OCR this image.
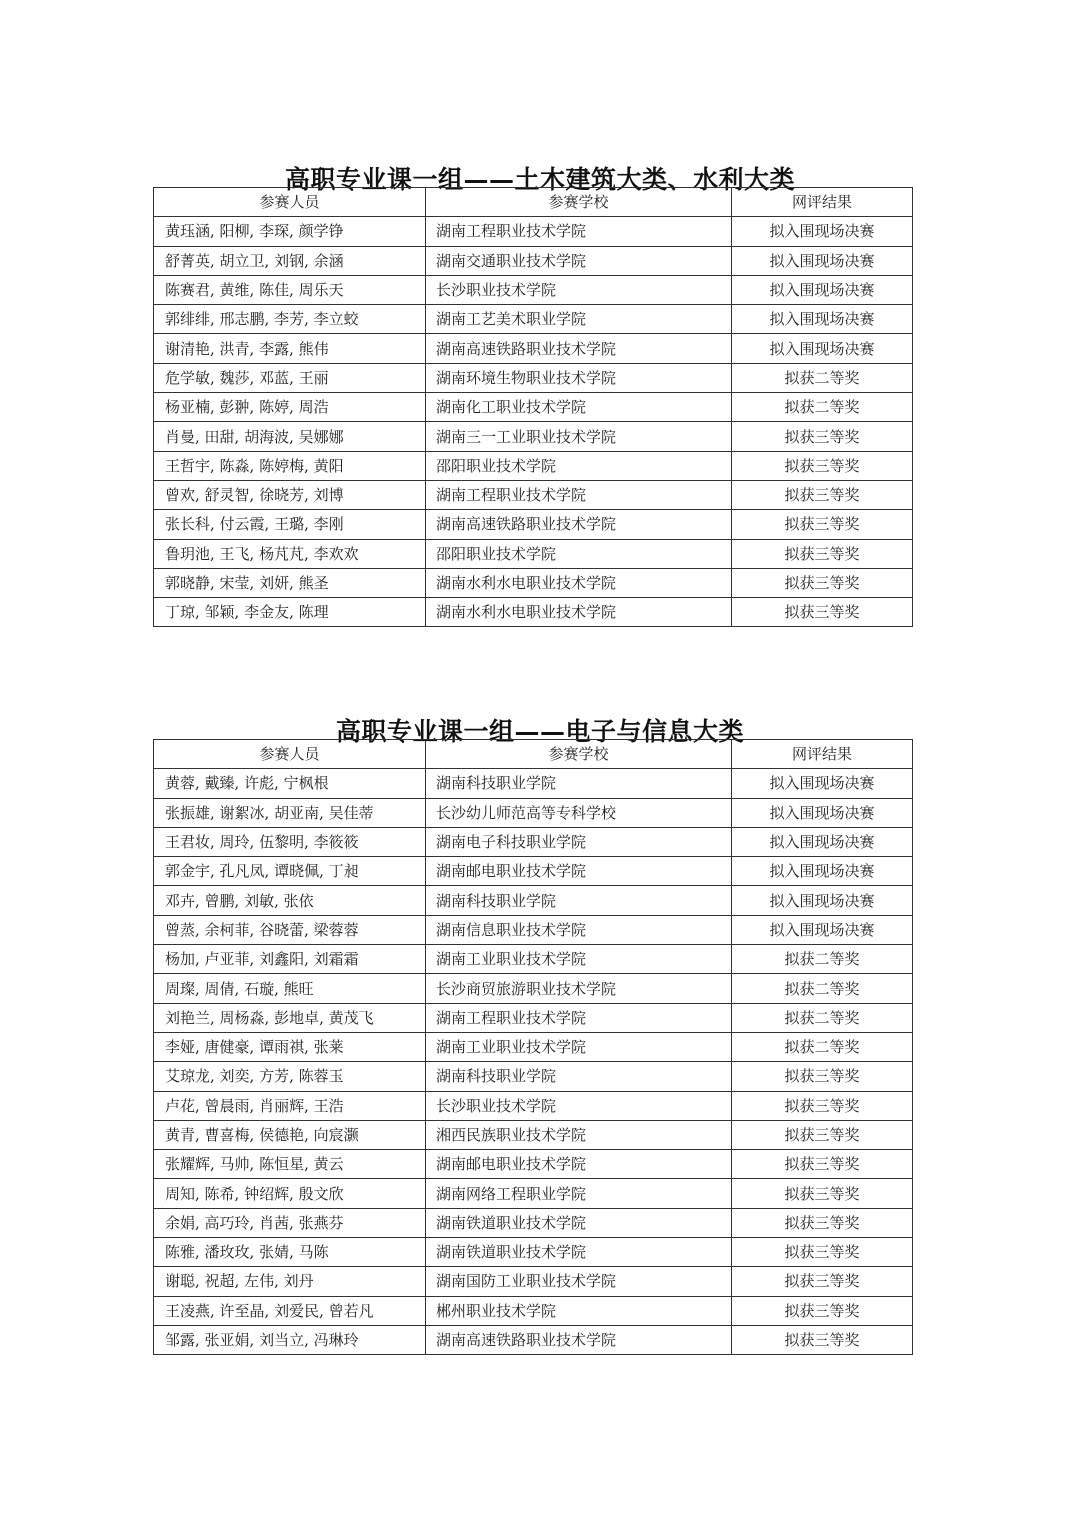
高职专业课一组——土木建筑大类、水利大类
参赛人员	参赛学校	网评结果
黄珏涵, 阳柳, 李琛, 颜学铮	湖南工程职业技术学院	拟入围现场决赛
舒菁英, 胡立卫, 刘钢, 余涵	湖南交通职业技术学院	拟入围现场决赛
陈赛君, 黄维, 陈佳, 周乐天	长沙职业技术学院	拟入围现场决赛
郭绯绯, 邢志鹏, 李芳, 李立蛟	湖南工艺美术职业学院	拟入围现场决赛
谢清艳, 洪青, 李露, 熊伟	湖南高速铁路职业技术学院	拟入围现场决赛
危学敏, 魏莎, 邓蓝, 王丽	湖南环境生物职业技术学院	拟获二等奖
杨亚楠, 彭翀, 陈婷, 周浩	湖南化工职业技术学院	拟获二等奖
肖曼, 田甜, 胡海波, 吴娜娜	湖南三一工业职业技术学院	拟获三等奖
王哲宇, 陈淼, 陈婷梅, 黄阳	邵阳职业技术学院	拟获三等奖
曾欢, 舒灵智, 徐晓芳, 刘博	湖南工程职业技术学院	拟获三等奖
张长科, 付云霞, 王璐, 李刚	湖南高速铁路职业技术学院	拟获三等奖
鲁玥池, 王飞, 杨芃芃, 李欢欢	邵阳职业技术学院	拟获三等奖
郭晓静, 宋莹, 刘妍, 熊圣	湖南水利水电职业技术学院	拟获三等奖
丁琼, 邹颖, 李金友, 陈理	湖南水利水电职业技术学院	拟获三等奖
高职专业课一组——电子与信息大类
参赛人员	参赛学校	网评结果
黄蓉, 戴臻, 许彪, 宁枫根	湖南科技职业学院	拟入围现场决赛
张振雄, 谢絮冰, 胡亚南, 吴佳蒂	长沙幼儿师范高等专科学校	拟入围现场决赛
王君妆, 周玲, 伍黎明, 李筱筱	湖南电子科技职业学院	拟入围现场决赛
郭金宇, 孔凡凤, 谭晓佩, 丁昶	湖南邮电职业技术学院	拟入围现场决赛
邓卉, 曾鹏, 刘敏, 张依	湖南科技职业学院	拟入围现场决赛
曾蒸, 余柯菲, 谷晓蕾, 梁蓉蓉	湖南信息职业技术学院	拟入围现场决赛
杨加, 卢亚菲, 刘鑫阳, 刘霜霜	湖南工业职业技术学院	拟获二等奖
周璨, 周倩, 石璇, 熊旺	长沙商贸旅游职业技术学院	拟获二等奖
刘艳兰, 周杨淼, 彭地卓, 黄茂飞	湖南工程职业技术学院	拟获二等奖
李娅, 唐健豪, 谭雨祺, 张莱	湖南工业职业技术学院	拟获二等奖
艾琼龙, 刘奕, 方芳, 陈蓉玉	湖南科技职业学院	拟获三等奖
卢花, 曾晨雨, 肖丽辉, 王浩	长沙职业技术学院	拟获三等奖
黄青, 曹喜梅, 侯德艳, 向宸灏	湘西民族职业技术学院	拟获三等奖
张耀辉, 马帅, 陈恒星, 黄云	湖南邮电职业技术学院	拟获三等奖
周知, 陈希, 钟绍辉, 殷文欣	湖南网络工程职业学院	拟获三等奖
余娟, 高巧玲, 肖茜, 张燕芬	湖南铁道职业技术学院	拟获三等奖
陈雅, 潘玫玫, 张婧, 马陈	湖南铁道职业技术学院	拟获三等奖
谢聪, 祝超, 左伟, 刘丹	湖南国防工业职业技术学院	拟获三等奖
王凌燕, 许至晶, 刘爱民, 曾若凡	郴州职业技术学院	拟获三等奖
邹露, 张亚娟, 刘当立, 冯琳玲	湖南高速铁路职业技术学院	拟获三等奖
